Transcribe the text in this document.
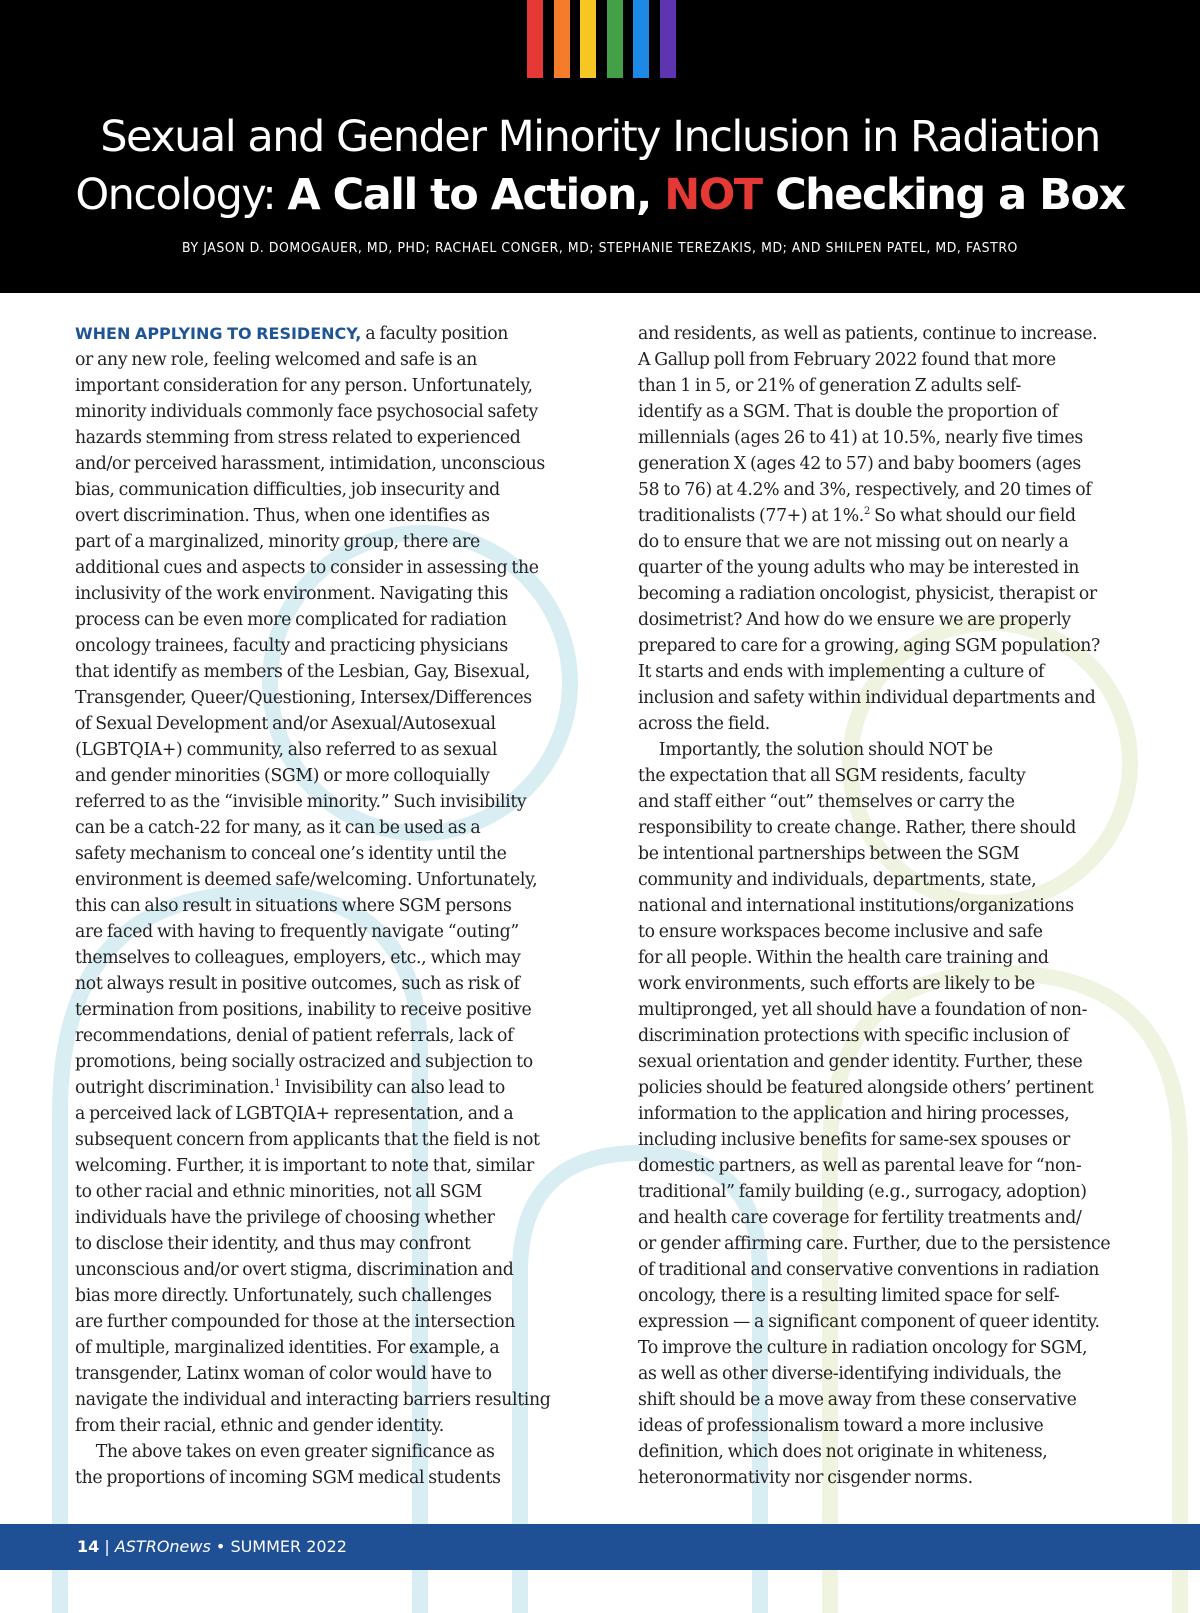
Sexual and Gender Minority Inclusion in Radiation
Oncology: A Call to Action, NOT Checking a Box
BY JASON D. DOMOGAUER, MD, PHD; RACHAEL CONGER, MD; STEPHANIE TEREZAKIS, MD; AND SHILPEN PATEL, MD, FASTRO
WHEN APPLYING TO RESIDENCY, a faculty position
or any new role, feeling welcomed and safe is an
important consideration for any person. Unfortunately,
minority individuals commonly face psychosocial safety
hazards stemming from stress related to experienced
and/or perceived harassment, intimidation, unconscious
bias, communication difficulties, job insecurity and
overt discrimination. Thus, when one identifies as
part of a marginalized, minority group, there are
additional cues and aspects to consider in assessing the
inclusivity of the work environment. Navigating this
process can be even more complicated for radiation
oncology trainees, faculty and practicing physicians
that identify as members of the Lesbian, Gay, Bisexual,
Transgender, Queer/Questioning, Intersex/Differences
of Sexual Development and/or Asexual/Autosexual
(LGBTQIA+) community, also referred to as sexual
and gender minorities (SGM) or more colloquially
referred to as the “invisible minority.” Such invisibility
can be a catch-22 for many, as it can be used as a
safety mechanism to conceal one’s identity until the
environment is deemed safe/welcoming. Unfortunately,
this can also result in situations where SGM persons
are faced with having to frequently navigate “outing”
themselves to colleagues, employers, etc., which may
not always result in positive outcomes, such as risk of
termination from positions, inability to receive positive
recommendations, denial of patient referrals, lack of
promotions, being socially ostracized and subjection to
outright discrimination.$^1$ Invisibility can also lead to
a perceived lack of LGBTQIA+ representation, and a
subsequent concern from applicants that the field is not
welcoming. Further, it is important to note that, similar
to other racial and ethnic minorities, not all SGM
individuals have the privilege of choosing whether
to disclose their identity, and thus may confront
unconscious and/or overt stigma, discrimination and
bias more directly. Unfortunately, such challenges
are further compounded for those at the intersection
of multiple, marginalized identities. For example, a
transgender, Latinx woman of color would have to
navigate the individual and interacting barriers resulting
from their racial, ethnic and gender identity.
The above takes on even greater significance as
the proportions of incoming SGM medical students
and residents, as well as patients, continue to increase.
A Gallup poll from February 2022 found that more
than 1 in 5, or 21% of generation Z adults self-
identify as a SGM. That is double the proportion of
millennials (ages 26 to 41) at 10.5%, nearly five times
generation X (ages 42 to 57) and baby boomers (ages
58 to 76) at 4.2% and 3%, respectively, and 20 times of
traditionalists (77+) at 1%.$^2$ So what should our field
do to ensure that we are not missing out on nearly a
quarter of the young adults who may be interested in
becoming a radiation oncologist, physicist, therapist or
dosimetrist? And how do we ensure we are properly
prepared to care for a growing, aging SGM population?
It starts and ends with implementing a culture of
inclusion and safety within individual departments and
across the field.
Importantly, the solution should NOT be
the expectation that all SGM residents, faculty
and staff either “out” themselves or carry the
responsibility to create change. Rather, there should
be intentional partnerships between the SGM
community and individuals, departments, state,
national and international institutions/organizations
to ensure workspaces become inclusive and safe
for all people. Within the health care training and
work environments, such efforts are likely to be
multipronged, yet all should have a foundation of non-
discrimination protections with specific inclusion of
sexual orientation and gender identity. Further, these
policies should be featured alongside others’ pertinent
information to the application and hiring processes,
including inclusive benefits for same-sex spouses or
domestic partners, as well as parental leave for “non-
traditional” family building (e.g., surrogacy, adoption)
and health care coverage for fertility treatments and/
or gender affirming care. Further, due to the persistence
of traditional and conservative conventions in radiation
oncology, there is a resulting limited space for self-
expression — a significant component of queer identity.
To improve the culture in radiation oncology for SGM,
as well as other diverse-identifying individuals, the
shift should be a move away from these conservative
ideas of professionalism toward a more inclusive
definition, which does not originate in whiteness,
heteronormativity nor cisgender norms.
14 | ASTROnews • SUMMER 2022
